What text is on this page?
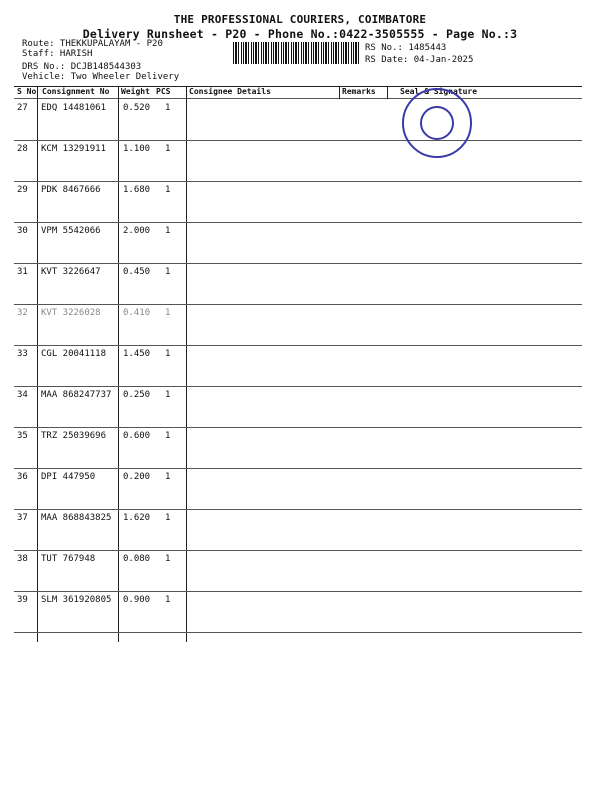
THE PROFESSIONAL COURIERS, COIMBATORE
Delivery Runsheet - P20 - Phone No.:0422-3505555 - Page No.:3
Route: THEKKUPALAYAM - P20
Staff: HARISH
DRS No.: DCJB148544303
Vehicle: Two Wheeler Delivery
RS No.: 1485443
RS Date: 04-Jan-2025
S No Consignment No Weight PCS Consignee Details	Remarks	Seal & Signature
27 EDQ 14481061 0.520 1
28 KCM 13291911 1.100 1
29 PDK 8467666 1.680 1
30 VPM 5542066 2.000 1
31 KVT 3226647 0.450 1
32 KVT 3226028 0.410 1
33 CGL 20041118 1.450 1
34 MAA 868247737 0.250 1
35 TRZ 25039696 0.600 1
36 DPI 447950	0.200 1
37 MAA 868843825 1.620 1
38 TUT 767948	0.080 1
39 SLM 361920805 0.900 1
